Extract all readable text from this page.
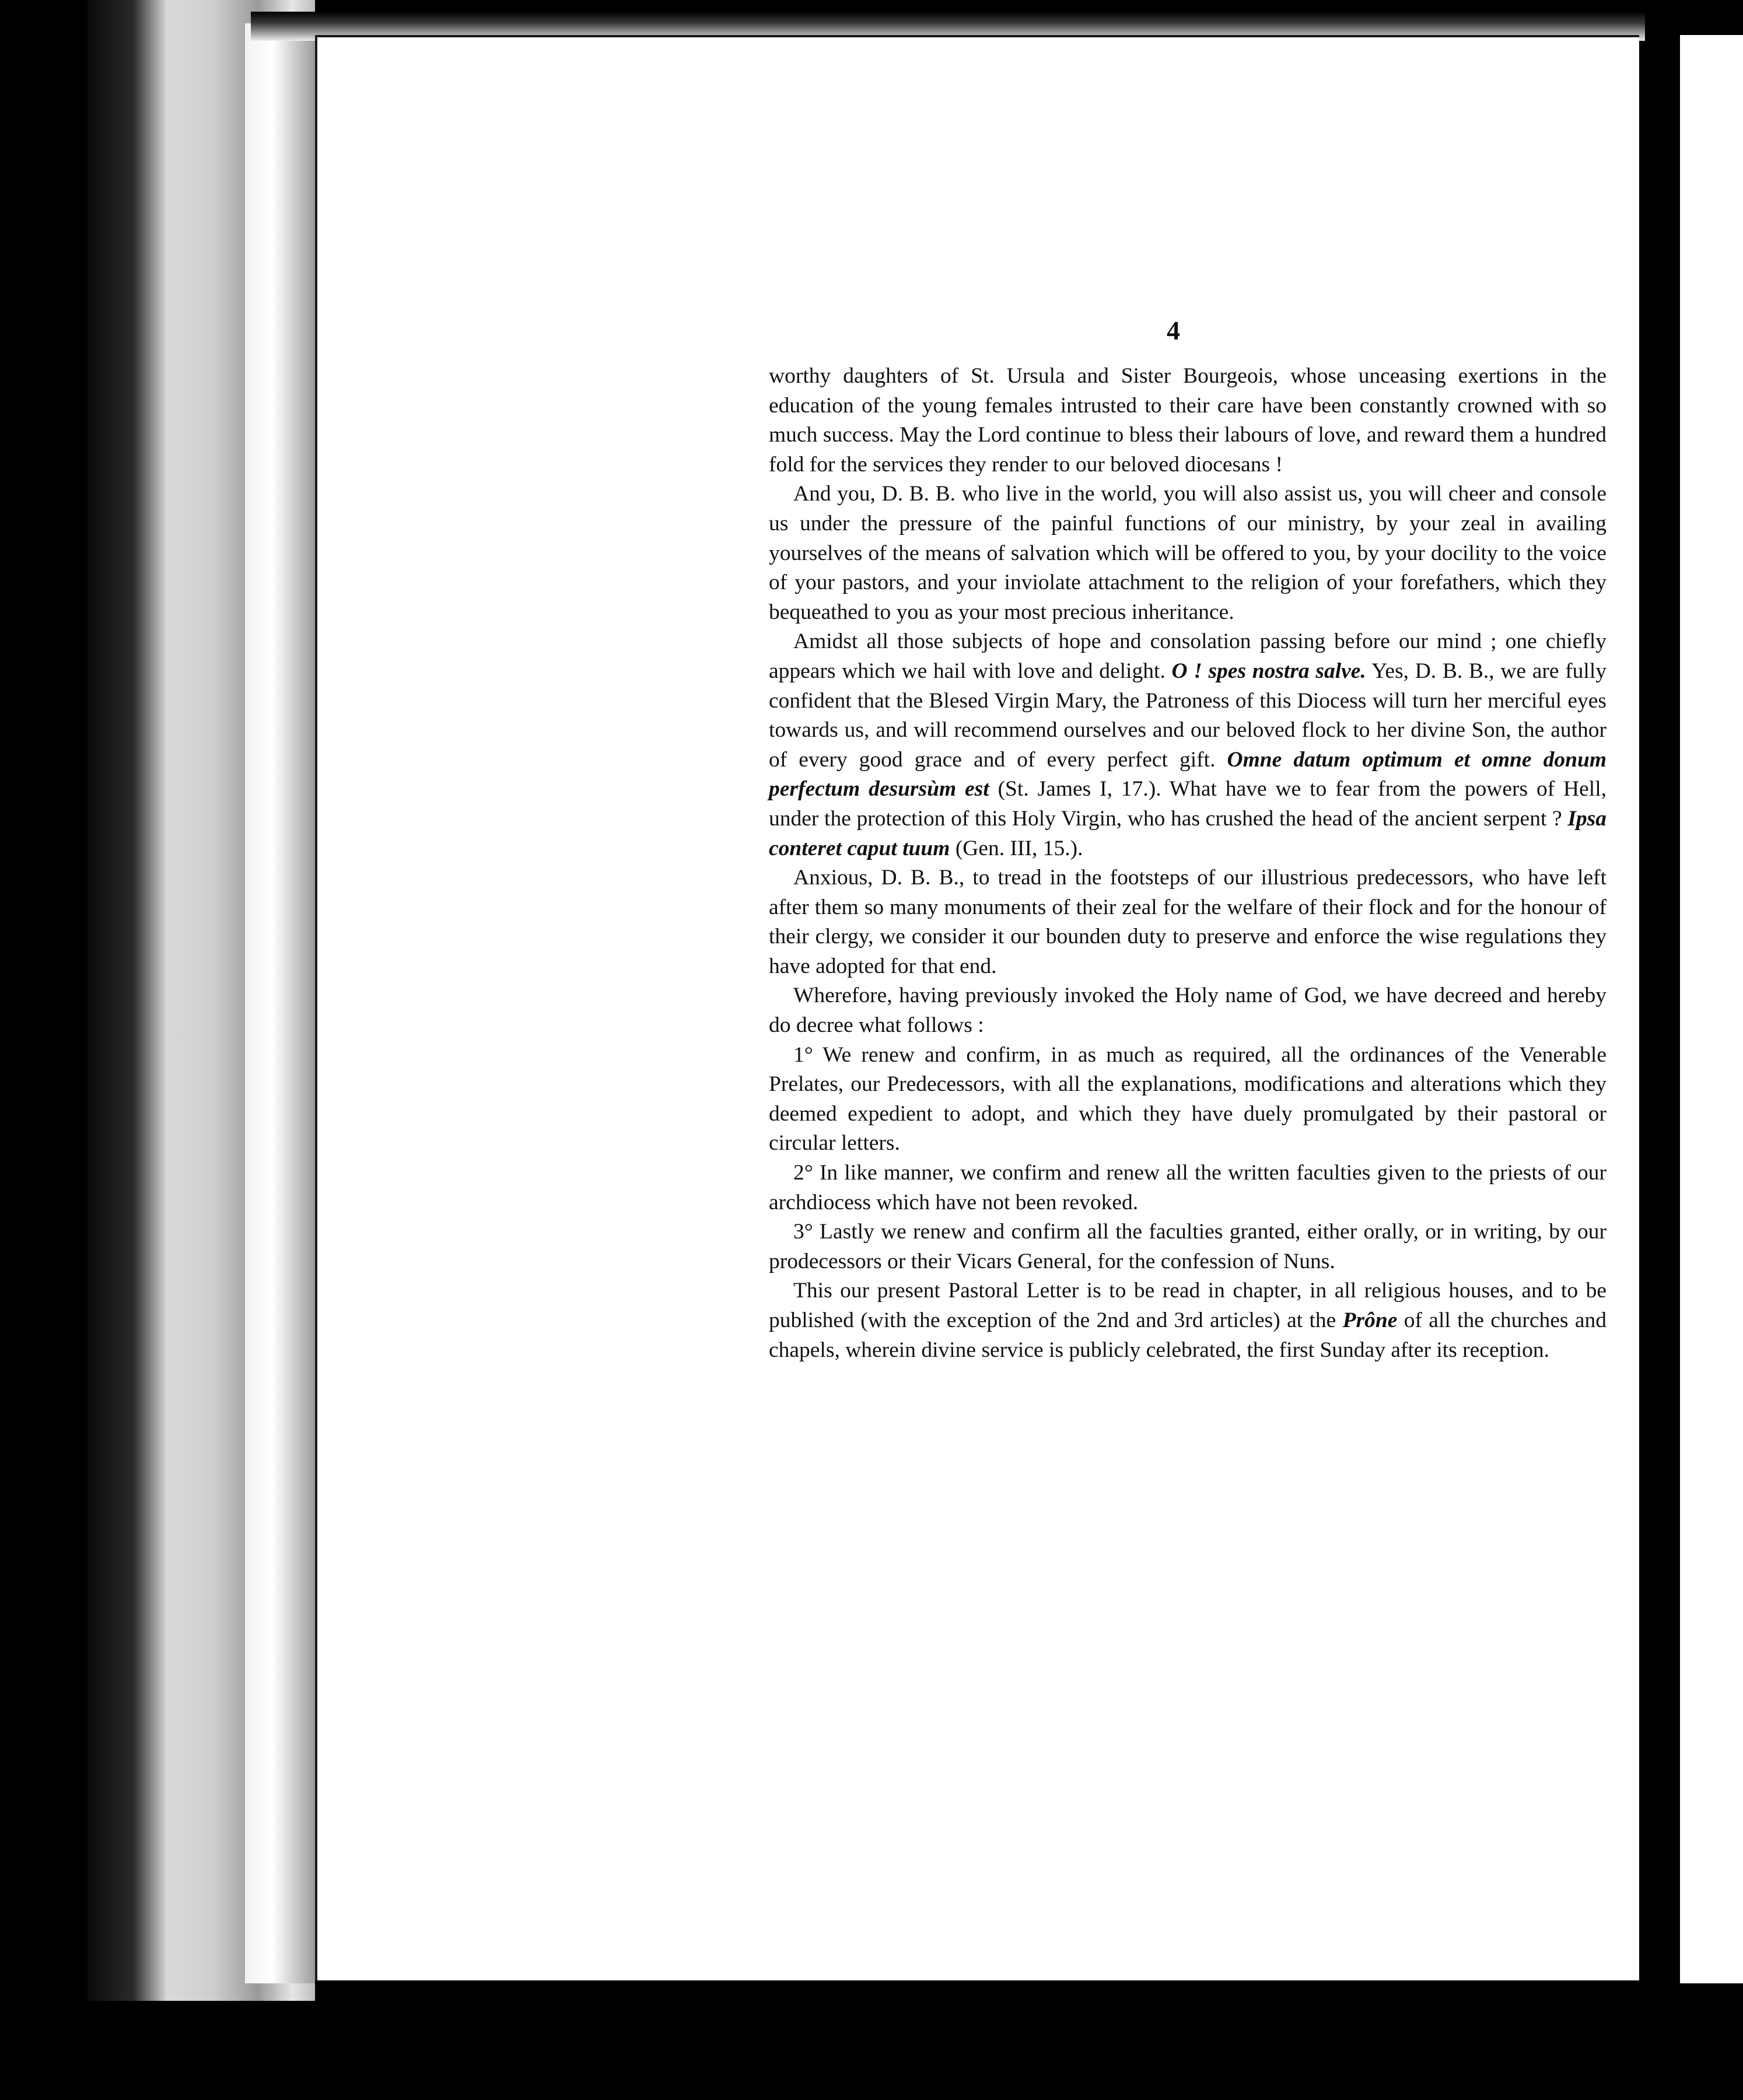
4

worthy daughters of St. Ursula and Sister Bourgeois, whose unceasing exertions in the education of the young females intrusted to their care have been constantly crowned with so much success. May the Lord continue to bless their labours of love, and reward them a hundred fold for the services they render to our beloved diocesans !

And you, D. B. B. who live in the world, you will also assist us, you will cheer and console us under the pressure of the painful functions of our ministry, by your zeal in availing yourselves of the means of salvation which will be offered to you, by your docility to the voice of your pastors, and your inviolate attachment to the religion of your forefathers, which they bequeathed to you as your most precious inheritance.

Amidst all those subjects of hope and consolation passing before our mind ; one chiefly appears which we hail with love and delight. O ! spes nostra salve. Yes, D. B. B., we are fully confident that the Blesed Virgin Mary, the Patroness of this Diocess will turn her merciful eyes towards us, and will recommend ourselves and our beloved flock to her divine Son, the author of every good grace and of every perfect gift. Omne datum optimum et omne donum perfectum desursùm est (St. James I, 17.). What have we to fear from the powers of Hell, under the protection of this Holy Virgin, who has crushed the head of the ancient serpent ? Ipsa conteret caput tuum (Gen. III, 15.).

Anxious, D. B. B., to tread in the footsteps of our illustrious predecessors, who have left after them so many monuments of their zeal for the welfare of their flock and for the honour of their clergy, we consider it our bounden duty to preserve and enforce the wise regulations they have adopted for that end.

Wherefore, having previously invoked the Holy name of God, we have decreed and hereby do decree what follows :

1° We renew and confirm, in as much as required, all the ordinances of the Venerable Prelates, our Predecessors, with all the explanations, modifications and alterations which they deemed expedient to adopt, and which they have duely promulgated by their pastoral or circular letters.

2° In like manner, we confirm and renew all the written faculties given to the priests of our archdiocess which have not been revoked.

3° Lastly we renew and confirm all the faculties granted, either orally, or in writing, by our prodecessors or their Vicars General, for the confession of Nuns.

This our present Pastoral Letter is to be read in chapter, in all religious houses, and to be published (with the exception of the 2nd and 3rd articles) at the Prône of all the churches and chapels, wherein divine service is publicly celebrated, the first Sunday after its reception.
